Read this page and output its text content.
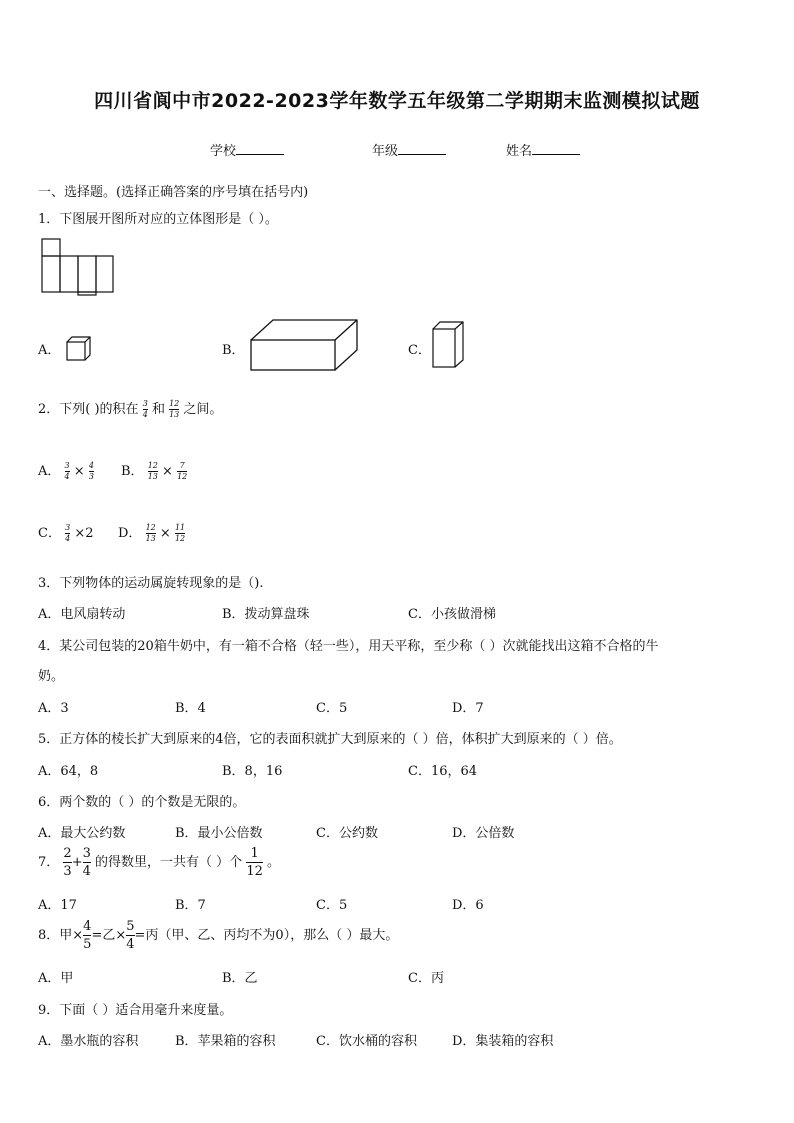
四川省阆中市2022-2023学年数学五年级第二学期期末监测模拟试题
学校	年级	姓名
一、选择题。(选择正确答案的序号填在括号内)
1．下图展开图所对应的立体图形是（ ）。
A．	B．	C．
2．下列( )的积在 $\frac{3}{4}$ 和 $\frac{12}{13}$ 之间。
A． $\frac{3}{4} \times \frac{4}{3}$ B． $\frac{12}{13} \times \frac{7}{12}$
C． $\frac{3}{4} \times 2$ D． $\frac{12}{13} \times \frac{11}{12}$
3．下列物体的运动属旋转现象的是（).
A．电风扇转动	B．拨动算盘珠	C．小孩做滑梯
4．某公司包装的20箱牛奶中，有一箱不合格（轻一些），用天平称，至少称（ ）次就能找出这箱不合格的牛
奶。
A．3	B．4	C．5	D．7
5．正方体的棱长扩大到原来的4倍，它的表面积就扩大到原来的（ ）倍，体积扩大到原来的（ ）倍。
A．64，8	B．8，16	C．16，64
6．两个数的（ ）的个数是无限的。
A．最大公约数	B．最小公倍数	C．公约数	D．公倍数
7． $\frac{2}{3} + \frac{3}{4}$ 的得数里，一共有（ ）个 $\frac{1}{12}$ 。
A．17	B．7	C．5	D．6
8．甲× $\frac{4}{5}$ =乙× $\frac{5}{4}$ =丙（甲、乙、丙均不为0），那么（ ）最大。
A．甲	B．乙	C．丙
9．下面（ ）适合用毫升来度量。
A．墨水瓶的容积	B．苹果箱的容积	C．饮水桶的容积	D．集装箱的容积
